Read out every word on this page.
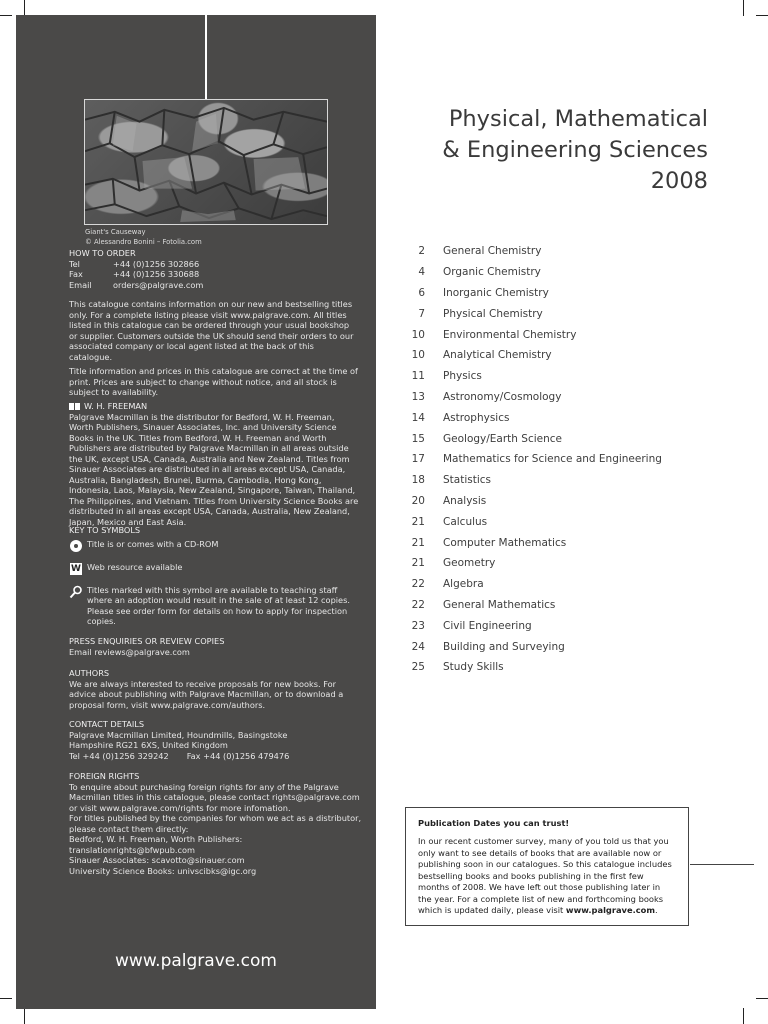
Giant's Causeway
© Alessandro Bonini – Fotolia.com
HOW TO ORDER
Tel	+44 (0)1256 302866
Fax	+44 (0)1256 330688
Email	orders@palgrave.com

This catalogue contains information on our new and bestselling titles only. For a complete listing please visit www.palgrave.com. All titles listed in this catalogue can be ordered through your usual bookshop or supplier. Customers outside the UK should send their orders to our associated company or local agent listed at the back of this catalogue.

Title information and prices in this catalogue are correct at the time of print. Prices are subject to change without notice, and all stock is subject to availability.

W. H. FREEMAN

Palgrave Macmillan is the distributor for Bedford, W. H. Freeman, Worth Publishers, Sinauer Associates, Inc. and University Science Books in the UK. Titles from Bedford, W. H. Freeman and Worth Publishers are distributed by Palgrave Macmillan in all areas outside the UK, except USA, Canada, Australia and New Zealand. Titles from Sinauer Associates are distributed in all areas except USA, Canada, Australia, Bangladesh, Brunei, Burma, Cambodia, Hong Kong, Indonesia, Laos, Malaysia, New Zealand, Singapore, Taiwan, Thailand, The Philippines, and Vietnam. Titles from University Science Books are distributed in all areas except USA, Canada, Australia, New Zealand, Japan, Mexico and East Asia.

KEY TO SYMBOLS
Title is or comes with a CD-ROM
W Web resource available
Titles marked with this symbol are available to teaching staff where an adoption would result in the sale of at least 12 copies. Please see order form for details on how to apply for inspection copies.
PRESS ENQUIRIES OR REVIEW COPIES
Email reviews@palgrave.com
AUTHORS
We are always interested to receive proposals for new books. For advice about publishing with Palgrave Macmillan, or to download a proposal form, visit www.palgrave.com/authors.
CONTACT DETAILS
Palgrave Macmillan Limited, Houndmills, Basingstoke
Hampshire RG21 6XS, United Kingdom
Tel +44 (0)1256 329242 Fax +44 (0)1256 479476
FOREIGN RIGHTS
To enquire about purchasing foreign rights for any of the Palgrave
Macmillan titles in this catalogue, please contact rights@palgrave.com
or visit www.palgrave.com/rights for more infomation.
For titles published by the companies for whom we act as a distributor,
please contact them directly:
Bedford, W. H. Freeman, Worth Publishers: translationrights@bfwpub.com
Sinauer Associates: scavotto@sinauer.com
University Science Books: univscibks@igc.org
www.palgrave.com
Physical, Mathematical
& Engineering Sciences
2008
2 General Chemistry
4 Organic Chemistry
6 Inorganic Chemistry
7 Physical Chemistry
10 Environmental Chemistry
10 Analytical Chemistry
11 Physics
13 Astronomy/Cosmology
14 Astrophysics
15 Geology/Earth Science
17 Mathematics for Science and Engineering
18 Statistics
20 Analysis
21 Calculus
21 Computer Mathematics
21 Geometry
22 Algebra
22 General Mathematics
23 Civil Engineering
24 Building and Surveying
25 Study Skills
Publication Dates you can trust!
In our recent customer survey, many of you told us that you only want to see details of books that are available now or publishing soon in our catalogues. So this catalogue includes bestselling books and books publishing in the first few months of 2008. We have left out those publishing later in the year. For a complete list of new and forthcoming books which is updated daily, please visit www.palgrave.com.
